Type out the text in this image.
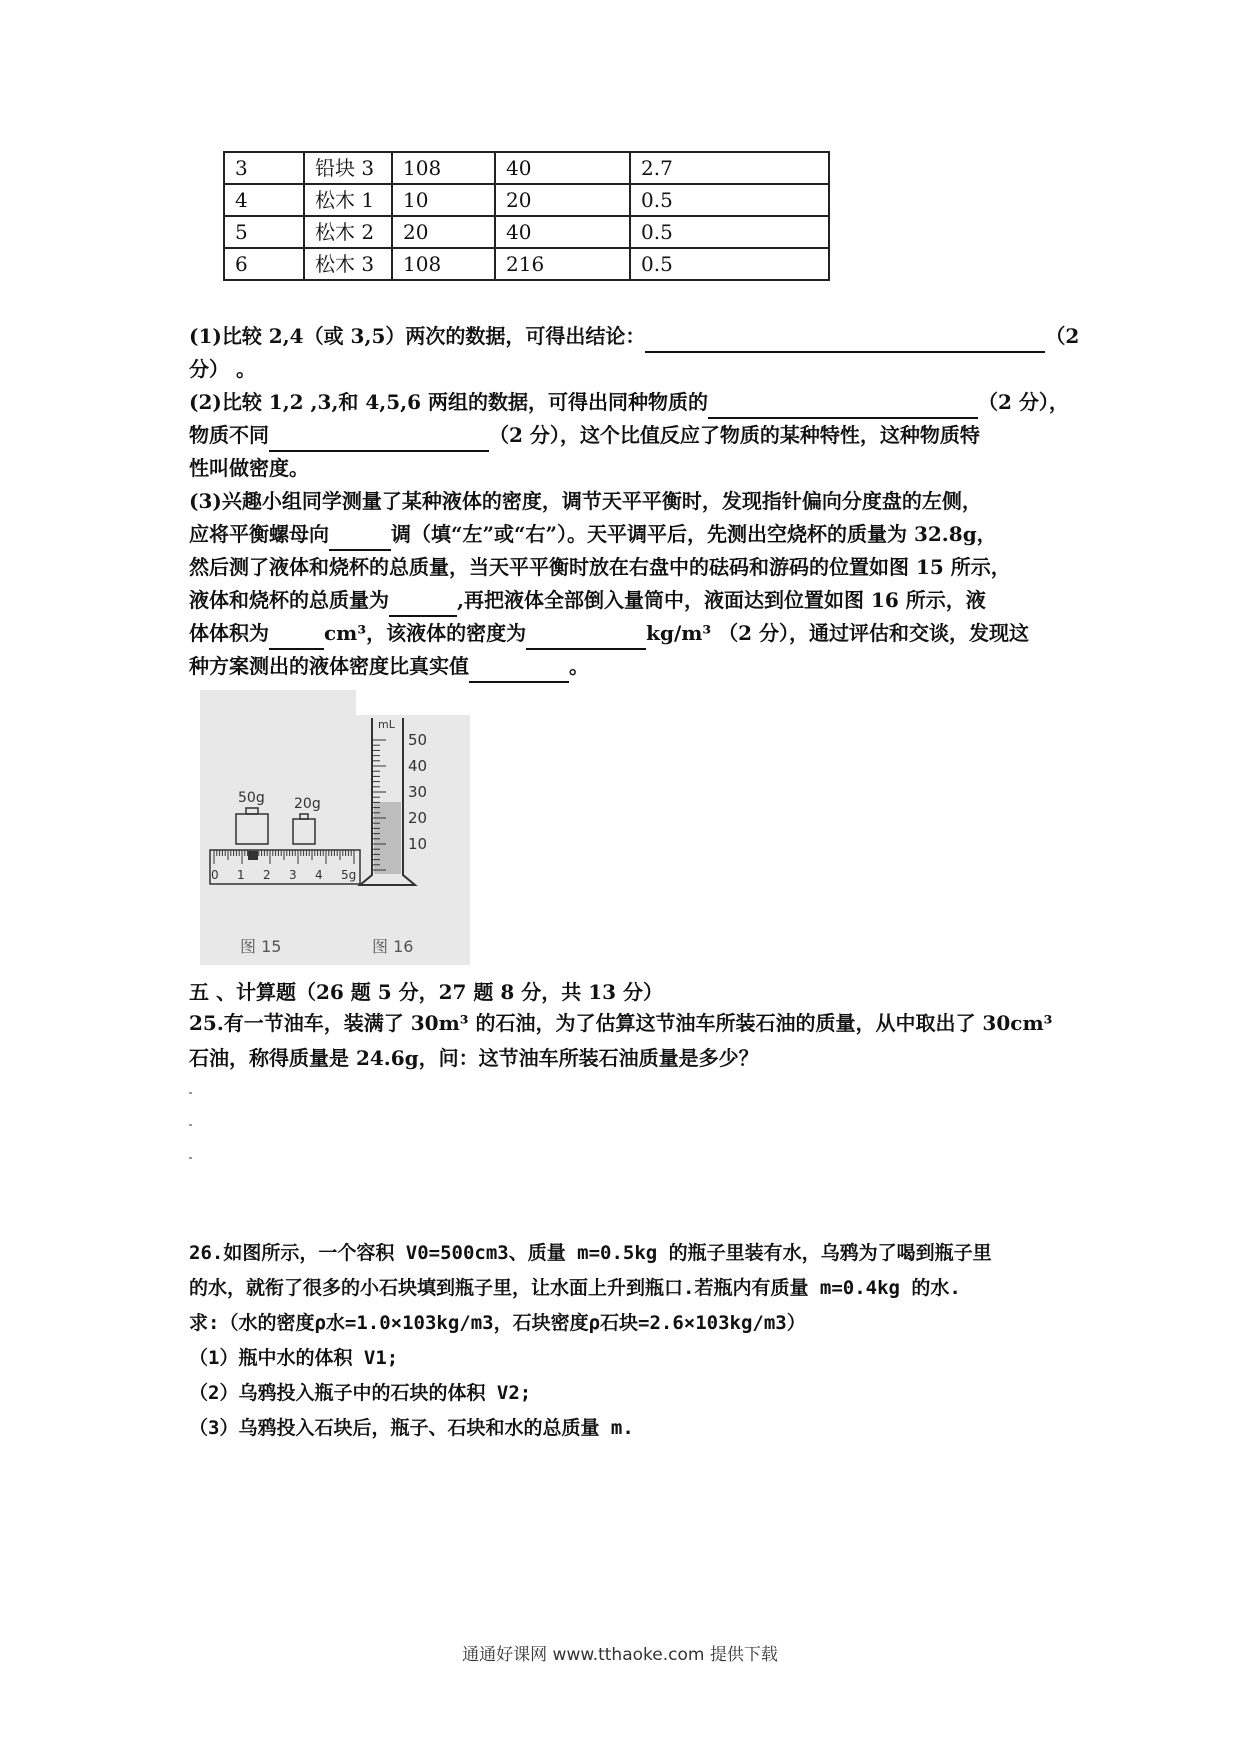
3	铅块 3	108	40	2.7
4	松木 1	10	20	0.5
5	松木 2	20	40	0.5
6	松木 3	108	216	0.5
(1)比较 2,4（或 3,5）两次的数据，可得出结论：	（2
分） 。
(2)比较 1,2 ,3,和 4,5,6 两组的数据，可得出同种物质的	（2 分），
物质不同	（2 分），这个比值反应了物质的某种特性，这种物质特
性叫做密度。
(3)兴趣小组同学测量了某种液体的密度，调节天平平衡时，发现指针偏向分度盘的左侧，
应将平衡螺母向	调（填“左”或“右”）。天平调平后，先测出空烧杯的质量为 32.8g，
然后测了液体和烧杯的总质量，当天平平衡时放在右盘中的砝码和游码的位置如图 15 所示，
液体和烧杯的总质量为	,再把液体全部倒入量筒中，液面达到位置如图 16 所示，液
体体积为	cm³，该液体的密度为	kg/m³ （2 分），通过评估和交谈，发现这
种方案测出的液体密度比真实值	。
50g 20g
0 1 2 3 4 5g
mL
50
40
30
20
10
图 15	图 16
五 、计算题（26 题 5 分，27 题 8 分，共 13 分）
25.有一节油车，装满了 30m³ 的石油，为了估算这节油车所装石油的质量，从中取出了 30cm³
石油，称得质量是 24.6g，问：这节油车所装石油质量是多少？
26.如图所示，一个容积 V0=500cm3、质量 m=0.5kg 的瓶子里装有水，乌鸦为了喝到瓶子里
的水，就衔了很多的小石块填到瓶子里，让水面上升到瓶口.若瓶内有质量 m=0.4kg 的水.
求:（水的密度ρ水=1.0×103kg/m3，石块密度ρ石块=2.6×103kg/m3）
（1）瓶中水的体积 V1;
（2）乌鸦投入瓶子中的石块的体积 V2;
（3）乌鸦投入石块后，瓶子、石块和水的总质量 m.
通通好课网 www.tthaoke.com 提供下载
